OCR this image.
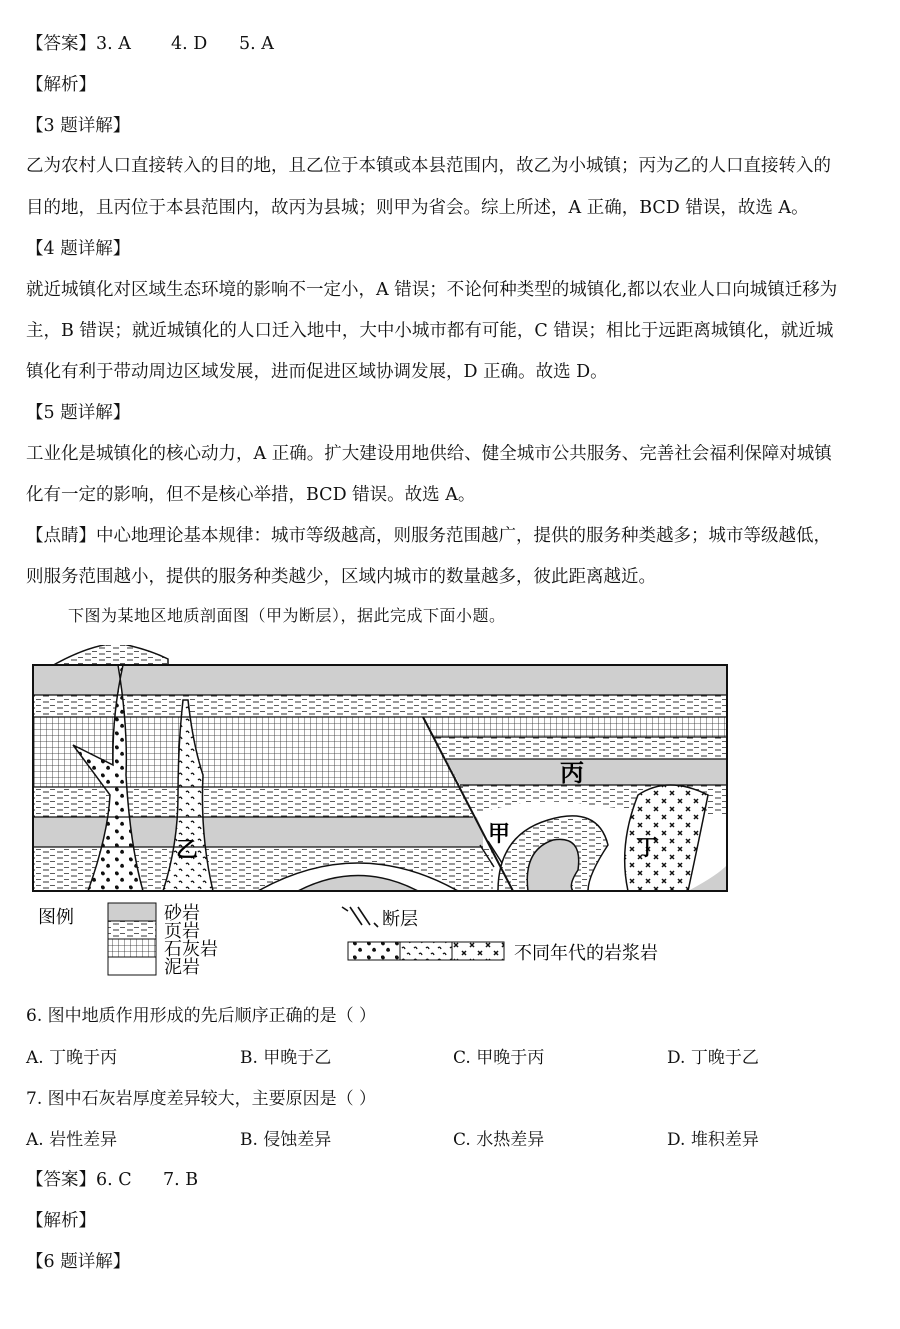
【答案】3. A 4. D 5. A
【解析】
【3 题详解】
乙为农村人口直接转入的目的地，且乙位于本镇或本县范围内，故乙为小城镇；丙为乙的人口直接转入的
目的地，且丙位于本县范围内，故丙为县城；则甲为省会。综上所述，A 正确，BCD 错误，故选 A。
【4 题详解】
就近城镇化对区域生态环境的影响不一定小，A 错误；不论何种类型的城镇化,都以农业人口向城镇迁移为
主，B 错误；就近城镇化的人口迁入地中，大中小城市都有可能，C 错误；相比于远距离城镇化，就近城
镇化有利于带动周边区域发展，进而促进区域协调发展，D 正确。故选 D。
【5 题详解】
工业化是城镇化的核心动力，A 正确。扩大建设用地供给、健全城市公共服务、完善社会福利保障对城镇
化有一定的影响，但不是核心举措，BCD 错误。故选 A。
【点睛】中心地理论基本规律：城市等级越高，则服务范围越广，提供的服务种类越多；城市等级越低，
则服务范围越小，提供的服务种类越少，区域内城市的数量越多，彼此距离越近。
下图为某地区地质剖面图（甲为断层），据此完成下面小题。
乙
甲
丙
丁
图例	砂岩
页岩
石灰岩
泥岩
断层
不同年代的岩浆岩
6. 图中地质作用形成的先后顺序正确的是（ ）
A. 丁晚于丙	B. 甲晚于乙	C. 甲晚于丙	D. 丁晚于乙
7. 图中石灰岩厚度差异较大，主要原因是（ ）
A. 岩性差异	B. 侵蚀差异	C. 水热差异	D. 堆积差异
【答案】6. C 7. B
【解析】
【6 题详解】
